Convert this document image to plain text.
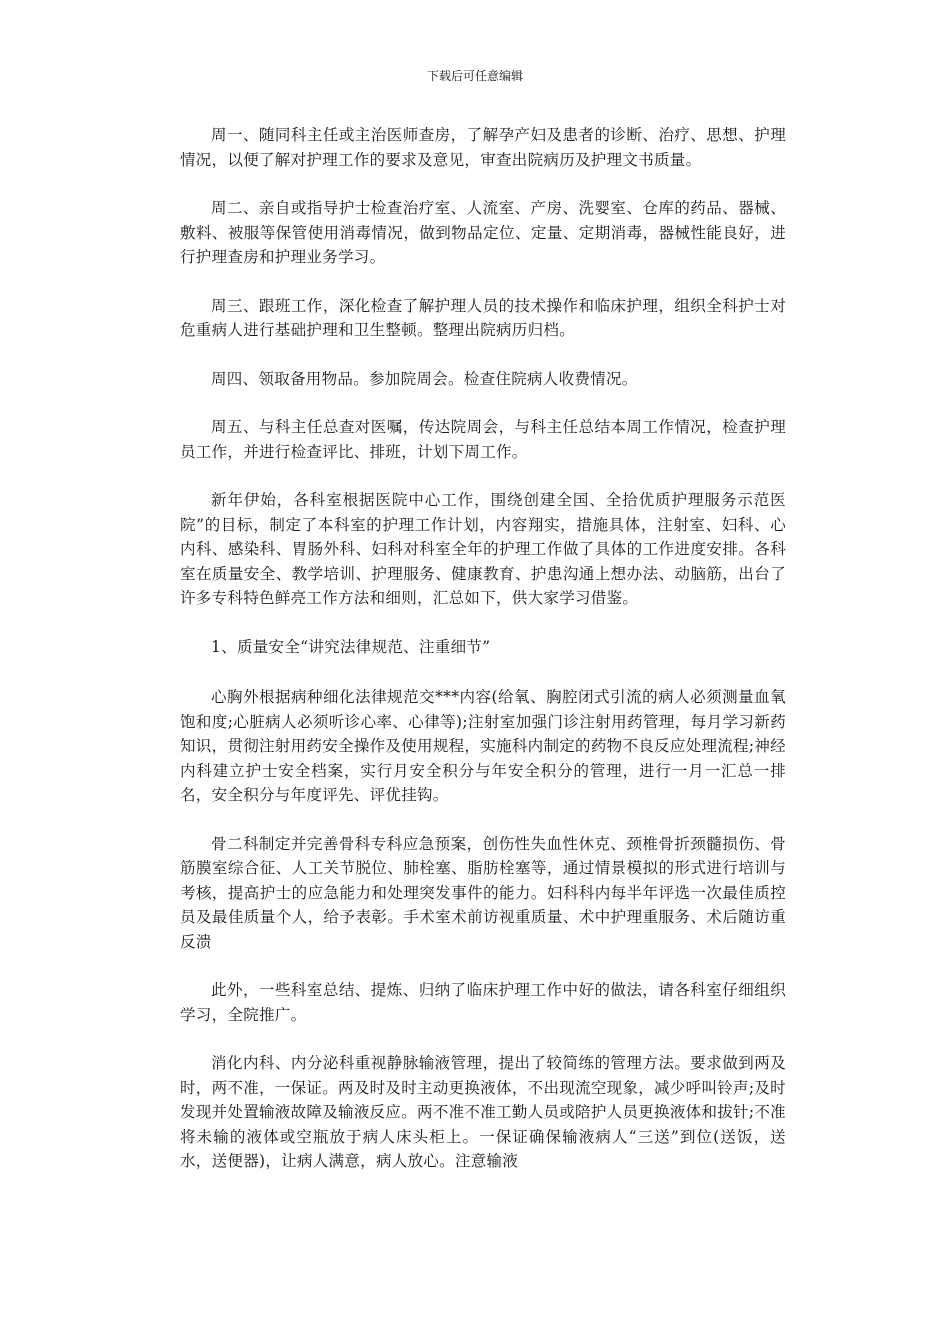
下载后可任意编辑

周一、随同科主任或主治医师查房，了解孕产妇及患者的诊断、治疗、思想、护理情况，以便了解对护理工作的要求及意见，审查出院病历及护理文书质量。

周二、亲自或指导护士检查治疗室、人流室、产房、洗婴室、仓库的药品、器械、敷料、被服等保管使用消毒情况，做到物品定位、定量、定期消毒，器械性能良好，进行护理查房和护理业务学习。

周三、跟班工作，深化检查了解护理人员的技术操作和临床护理，组织全科护士对危重病人进行基础护理和卫生整顿。整理出院病历归档。

周四、领取备用物品。参加院周会。检查住院病人收费情况。

周五、与科主任总查对医嘱，传达院周会，与科主任总结本周工作情况，检查护理员工作，并进行检查评比、排班，计划下周工作。

新年伊始，各科室根据医院中心工作，围绕创建全国、全拾优质护理服务示范医院”的目标，制定了本科室的护理工作计划，内容翔实，措施具体，注射室、妇科、心内科、感染科、胃肠外科、妇科对科室全年的护理工作做了具体的工作进度安排。各科室在质量安全、教学培训、护理服务、健康教育、护患沟通上想办法、动脑筋，出台了许多专科特色鲜亮工作方法和细则，汇总如下，供大家学习借鉴。

1、质量安全“讲究法律规范、注重细节”

心胸外根据病种细化法律规范交***内容(给氧、胸腔闭式引流的病人必须测量血氧饱和度;心脏病人必须听诊心率、心律等);注射室加强门诊注射用药管理，每月学习新药知识，贯彻注射用药安全操作及使用规程，实施科内制定的药物不良反应处理流程;神经内科建立护士安全档案，实行月安全积分与年安全积分的管理，进行一月一汇总一排名，安全积分与年度评先、评优挂钩。

骨二科制定并完善骨科专科应急预案，创伤性失血性休克、颈椎骨折颈髓损伤、骨筋膜室综合征、人工关节脱位、肺栓塞、脂肪栓塞等，通过情景模拟的形式进行培训与考核，提高护士的应急能力和处理突发事件的能力。妇科科内每半年评选一次最佳质控员及最佳质量个人，给予表彰。手术室术前访视重质量、术中护理重服务、术后随访重反溃

此外，一些科室总结、提炼、归纳了临床护理工作中好的做法，请各科室仔细组织学习，全院推广。

消化内科、内分泌科重视静脉输液管理，提出了较简练的管理方法。要求做到两及时，两不准，一保证。两及时及时主动更换液体，不出现流空现象，减少呼叫铃声;及时发现并处置输液故障及输液反应。两不准不准工勤人员或陪护人员更换液体和拔针;不准将未输的液体或空瓶放于病人床头柜上。一保证确保输液病人“三送”到位(送饭，送水，送便器)，让病人满意，病人放心。注意输液
